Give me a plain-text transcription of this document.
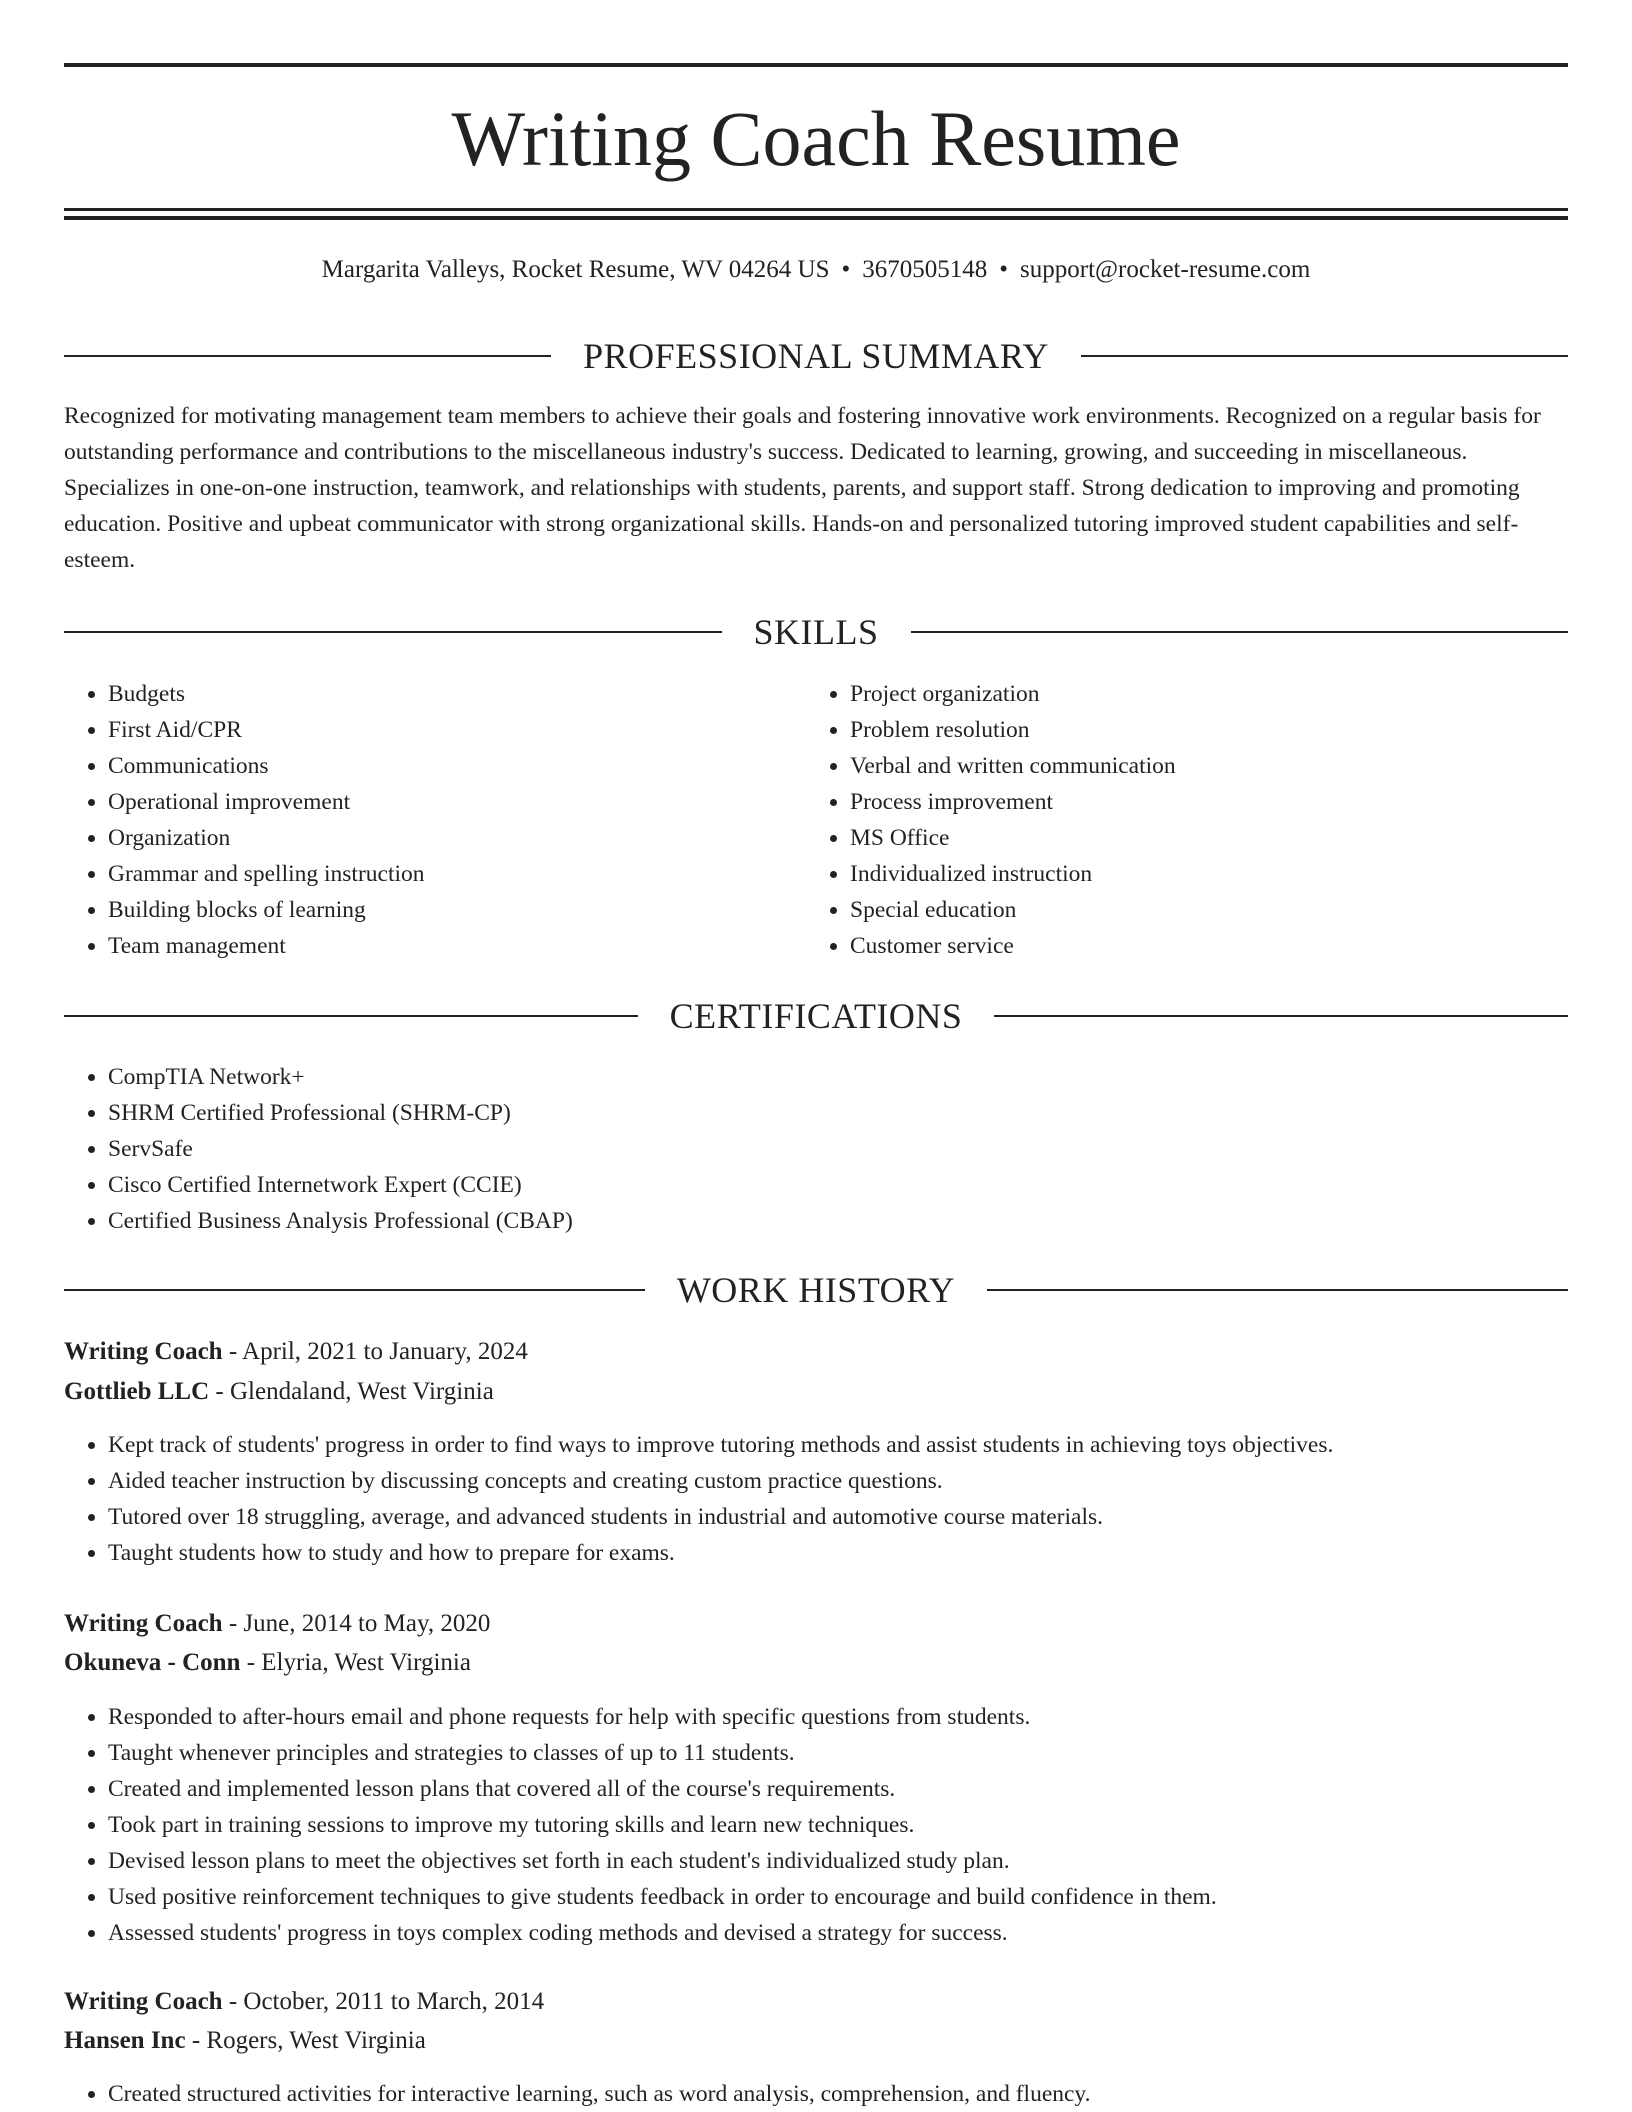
Writing Coach Resume
Margarita Valleys, Rocket Resume, WV 04264 US • 3670505148 • support@rocket-resume.com
PROFESSIONAL SUMMARY

Recognized for motivating management team members to achieve their goals and fostering innovative work environments. Recognized on a regular basis for outstanding performance and contributions to the miscellaneous industry's success. Dedicated to learning, growing, and succeeding in miscellaneous. Specializes in one-on-one instruction, teamwork, and relationships with students, parents, and support staff. Strong dedication to improving and promoting education. Positive and upbeat communicator with strong organizational skills. Hands-on and personalized tutoring improved student capabilities and self-esteem.

SKILLS
• Budgets
• First Aid/CPR
• Communications
• Operational improvement
• Organization
• Grammar and spelling instruction
• Building blocks of learning
• Team management
• Project organization
• Problem resolution
• Verbal and written communication
• Process improvement
• MS Office
• Individualized instruction
• Special education
• Customer service
CERTIFICATIONS
• CompTIA Network+
• SHRM Certified Professional (SHRM-CP)
• ServSafe
• Cisco Certified Internetwork Expert (CCIE)
• Certified Business Analysis Professional (CBAP)
WORK HISTORY
Writing Coach - April, 2021 to January, 2024
Gottlieb LLC - Glendaland, West Virginia
• Kept track of students' progress in order to find ways to improve tutoring methods and assist students in achieving toys objectives.
• Aided teacher instruction by discussing concepts and creating custom practice questions.
• Tutored over 18 struggling, average, and advanced students in industrial and automotive course materials.
• Taught students how to study and how to prepare for exams.
Writing Coach - June, 2014 to May, 2020
Okuneva - Conn - Elyria, West Virginia
• Responded to after-hours email and phone requests for help with specific questions from students.
• Taught whenever principles and strategies to classes of up to 11 students.
• Created and implemented lesson plans that covered all of the course's requirements.
• Took part in training sessions to improve my tutoring skills and learn new techniques.
• Devised lesson plans to meet the objectives set forth in each student's individualized study plan.
• Used positive reinforcement techniques to give students feedback in order to encourage and build confidence in them.
• Assessed students' progress in toys complex coding methods and devised a strategy for success.
Writing Coach - October, 2011 to March, 2014
Hansen Inc - Rogers, West Virginia
• Created structured activities for interactive learning, such as word analysis, comprehension, and fluency.
